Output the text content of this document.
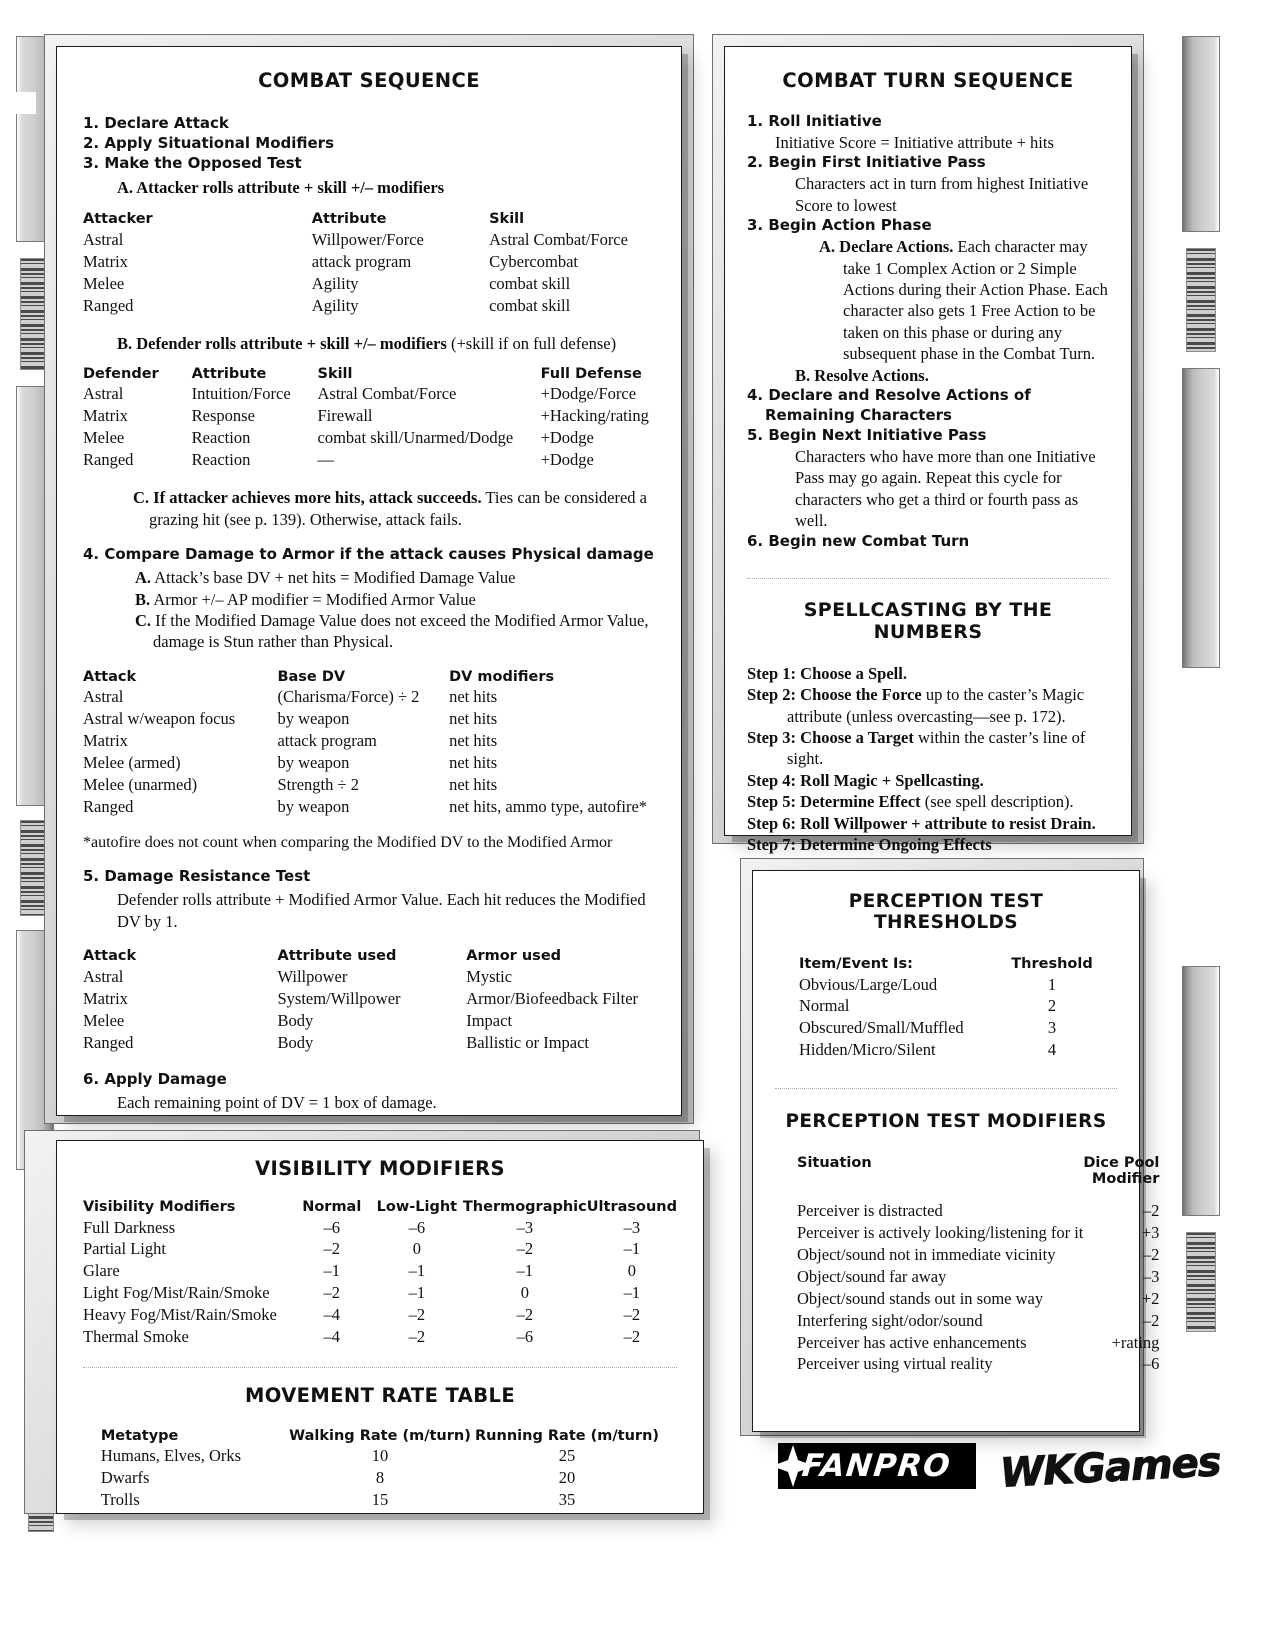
COMBAT SEQUENCE
1. Declare Attack
2. Apply Situational Modifiers
3. Make the Opposed Test
A. Attacker rolls attribute + skill +/– modifiers
Attacker	Attribute	Skill
Astral	Willpower/Force	Astral Combat/Force
Matrix	attack program	Cybercombat
Melee	Agility	combat skill
Ranged	Agility	combat skill
B. Defender rolls attribute + skill +/– modifiers (+skill if on full defense)
Defender	Attribute	Skill	Full Defense
Astral	Intuition/Force	Astral Combat/Force	+Dodge/Force
Matrix	Response	Firewall	+Hacking/rating
Melee	Reaction	combat skill/Unarmed/Dodge	+Dodge
Ranged	Reaction	—	+Dodge
C. If attacker achieves more hits, attack succeeds. Ties can be considered a grazing hit (see p. 139). Otherwise, attack fails.
4. Compare Damage to Armor if the attack causes Physical damage
A. Attack’s base DV + net hits = Modified Damage Value
B. Armor +/– AP modifier = Modified Armor Value
C. If the Modified Damage Value does not exceed the Modified Armor Value, damage is Stun rather than Physical.
Attack	Base DV	DV modifiers
Astral	(Charisma/Force) ÷ 2	net hits
Astral w/weapon focus	by weapon	net hits
Matrix	attack program	net hits
Melee (armed)	by weapon	net hits
Melee (unarmed)	Strength ÷ 2	net hits
Ranged	by weapon	net hits, ammo type, autofire*
*autofire does not count when comparing the Modified DV to the Modified Armor
5. Damage Resistance Test
Defender rolls attribute + Modified Armor Value. Each hit reduces the Modified DV by 1.
Attack	Attribute used	Armor used
Astral	Willpower	Mystic
Matrix	System/Willpower	Armor/Biofeedback Filter
Melee	Body	Impact
Ranged	Body	Ballistic or Impact
6. Apply Damage
Each remaining point of DV = 1 box of damage.
COMBAT TURN SEQUENCE
1. Roll Initiative
Initiative Score = Initiative attribute + hits
2. Begin First Initiative Pass
Characters act in turn from highest Initiative Score to lowest
3. Begin Action Phase
A. Declare Actions. Each character may take 1 Complex Action or 2 Simple Actions during their Action Phase. Each character also gets 1 Free Action to be taken on this phase or during any subsequent phase in the Combat Turn.
B. Resolve Actions.
4. Declare and Resolve Actions of Remaining Characters
5. Begin Next Initiative Pass
Characters who have more than one Initiative Pass may go again. Repeat this cycle for characters who get a third or fourth pass as well.
6. Begin new Combat Turn
SPELLCASTING BY THE NUMBERS
Step 1: Choose a Spell.
Step 2: Choose the Force up to the caster’s Magic attribute (unless overcasting—see p. 172).
Step 3: Choose a Target within the caster’s line of sight.
Step 4: Roll Magic + Spellcasting.
Step 5: Determine Effect (see spell description).
Step 6: Roll Willpower + attribute to resist Drain.
Step 7: Determine Ongoing Effects
PERCEPTION TEST THRESHOLDS
Item/Event Is:	Threshold
Obvious/Large/Loud	1
Normal	2
Obscured/Small/Muffled	3
Hidden/Micro/Silent	4
PERCEPTION TEST MODIFIERS
Situation	Dice Pool
Modifier
Perceiver is distracted	–2
Perceiver is actively looking/listening for it	+3
Object/sound not in immediate vicinity	–2
Object/sound far away	–3
Object/sound stands out in some way	+2
Interfering sight/odor/sound	–2
Perceiver has active enhancements	+rating
Perceiver using virtual reality	–6
VISIBILITY MODIFIERS
Visibility Modifiers	Normal	Low-Light	Thermographic	Ultrasound
Full Darkness	–6	–6	–3	–3
Partial Light	–2	0	–2	–1
Glare	–1	–1	–1	0
Light Fog/Mist/Rain/Smoke	–2	–1	0	–1
Heavy Fog/Mist/Rain/Smoke	–4	–2	–2	–2
Thermal Smoke	–4	–2	–6	–2
MOVEMENT RATE TABLE
Metatype	Walking Rate (m/turn)	Running Rate (m/turn)
Humans, Elves, Orks	10	25
Dwarfs	8	20
Trolls	15	35
FANPRO WKGames
